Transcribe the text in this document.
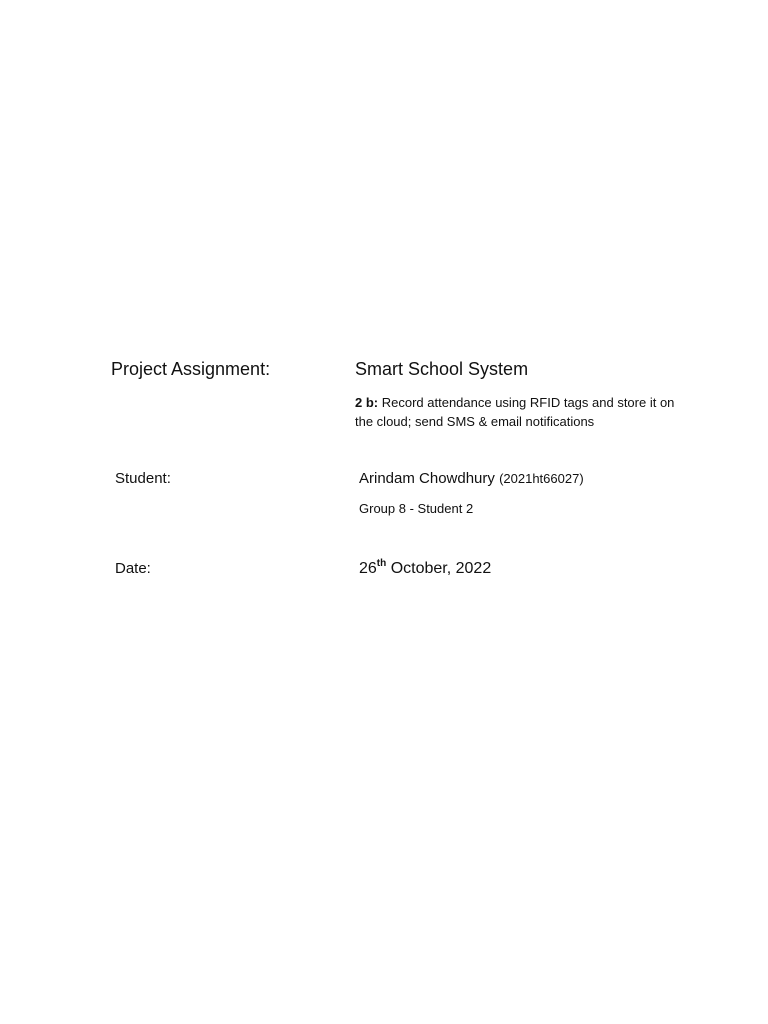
Project Assignment:	Smart School System
2 b: Record attendance using RFID tags and store it on the cloud; send SMS & email notifications
Student:	Arindam Chowdhury (2021ht66027)
Group 8 - Student 2
Date:	26th October, 2022
